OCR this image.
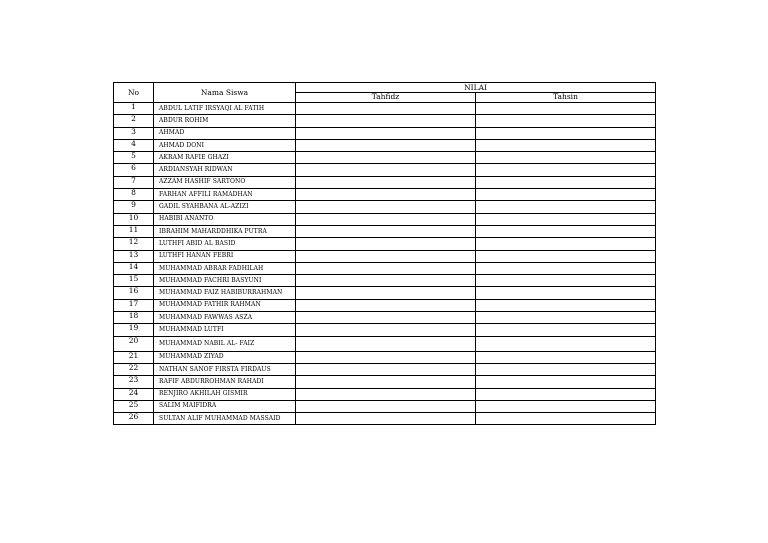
No	Nama Siswa	NILAI	
		Tahfidz	Tahsin
1	ABDUL LATIF IRSYAQI AL FATIH		
2	ABDUR ROHIM		
3	AHMAD		
4	AHMAD DONI		
5	AKRAM RAFIE GHAZI		
6	ARDIANSYAH RIDWAN		
7	AZZAM HASHIF SARTONO		
8	FARHAN AFFILI RAMADHAN		
9	GADIL SYAHBANA AL-AZIZI		
10	HABIBI ANANTO		
11	IBRAHIM MAHARDDHIKA PUTRA		
12	LUTHFI ABID AL BASID		
13	LUTHFI HANAN FEBRI		
14	MUHAMMAD ABRAR FADHILAH		
15	MUHAMMAD FACHRI BASYUNI		
16	MUHAMMAD FAIZ HABIBURRAHMAN		
17	MUHAMMAD FATHIR RAHMAN		
18	MUHAMMAD FAWWAS ASZA		
19	MUHAMMAD LUTFI		
20	MUHAMMAD NABIL AL- FAIZ		
21	MUHAMMAD ZIYAD		
22	NATHAN SANOF FIRSTA FIRDAUS		
23	RAFIF ABDURROHMAN RAHADI		
24	RENJIRO AKHILAH GISMIR		
25	SALIM MAIFIDRA		
26	SULTAN ALIF MUHAMMAD MASSAID		
